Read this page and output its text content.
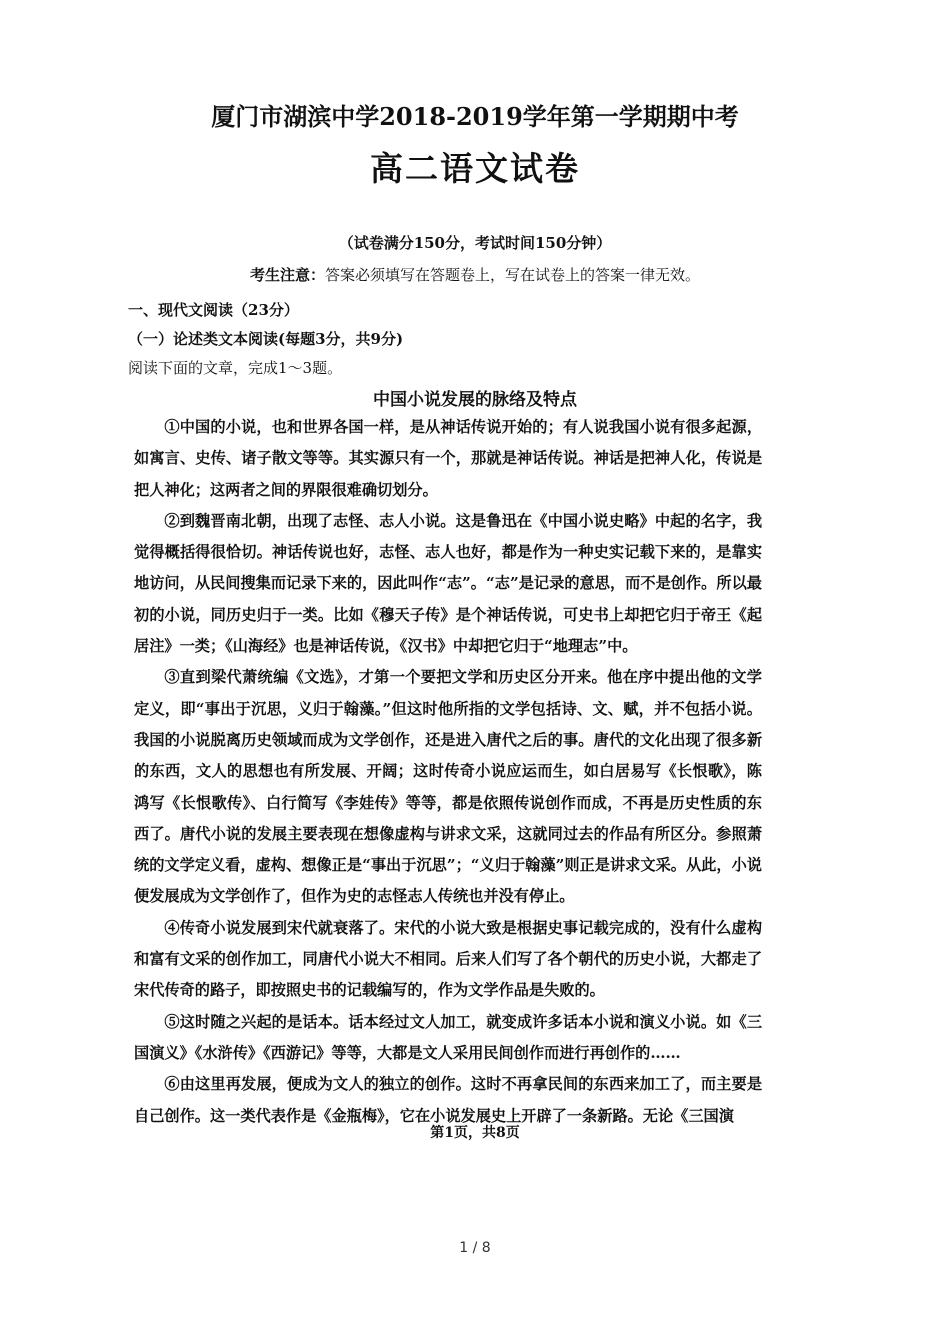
厦门市湖滨中学2018-2019学年第一学期期中考
高二语文试卷
（试卷满分150分，考试时间150分钟）
考生注意：答案必须填写在答题卷上，写在试卷上的答案一律无效。
一、现代文阅读（23分）
（一）论述类文本阅读(每题3分，共9分)
阅读下面的文章，完成1～3题。
中国小说发展的脉络及特点

①中国的小说，也和世界各国一样，是从神话传说开始的；有人说我国小说有很多起源，如寓言、史传、诸子散文等等。其实源只有一个，那就是神话传说。神话是把神人化，传说是把人神化；这两者之间的界限很难确切划分。

②到魏晋南北朝，出现了志怪、志人小说。这是鲁迅在《中国小说史略》中起的名字，我觉得概括得很恰切。神话传说也好，志怪、志人也好，都是作为一种史实记载下来的，是靠实地访问，从民间搜集而记录下来的，因此叫作“志”。“志”是记录的意思，而不是创作。所以最初的小说，同历史归于一类。比如《穆天子传》是个神话传说，可史书上却把它归于帝王《起居注》一类；《山海经》也是神话传说，《汉书》中却把它归于“地理志”中。

③直到梁代萧统编《文选》，才第一个要把文学和历史区分开来。他在序中提出他的文学定义，即“事出于沉思，义归于翰藻。”但这时他所指的文学包括诗、文、赋，并不包括小说。我国的小说脱离历史领域而成为文学创作，还是进入唐代之后的事。唐代的文化出现了很多新的东西，文人的思想也有所发展、开阔；这时传奇小说应运而生，如白居易写《长恨歌》，陈鸿写《长恨歌传》、白行简写《李娃传》等等，都是依照传说创作而成，不再是历史性质的东西了。唐代小说的发展主要表现在想像虚构与讲求文采，这就同过去的作品有所区分。参照萧统的文学定义看，虚构、想像正是“事出于沉思”；“义归于翰藻”则正是讲求文采。从此，小说便发展成为文学创作了，但作为史的志怪志人传统也并没有停止。

④传奇小说发展到宋代就衰落了。宋代的小说大致是根据史事记载完成的，没有什么虚构和富有文采的创作加工，同唐代小说大不相同。后来人们写了各个朝代的历史小说，大都走了宋代传奇的路子，即按照史书的记载编写的，作为文学作品是失败的。

⑤这时随之兴起的是话本。话本经过文人加工，就变成许多话本小说和演义小说。如《三国演义》《水浒传》《西游记》等等，大都是文人采用民间创作而进行再创作的……

⑥由这里再发展，便成为文人的独立的创作。这时不再拿民间的东西来加工了，而主要是自己创作。这一类代表作是《金瓶梅》，它在小说发展史上开辟了一条新路。无论《三国演

第1页，共8页
1 / 8
